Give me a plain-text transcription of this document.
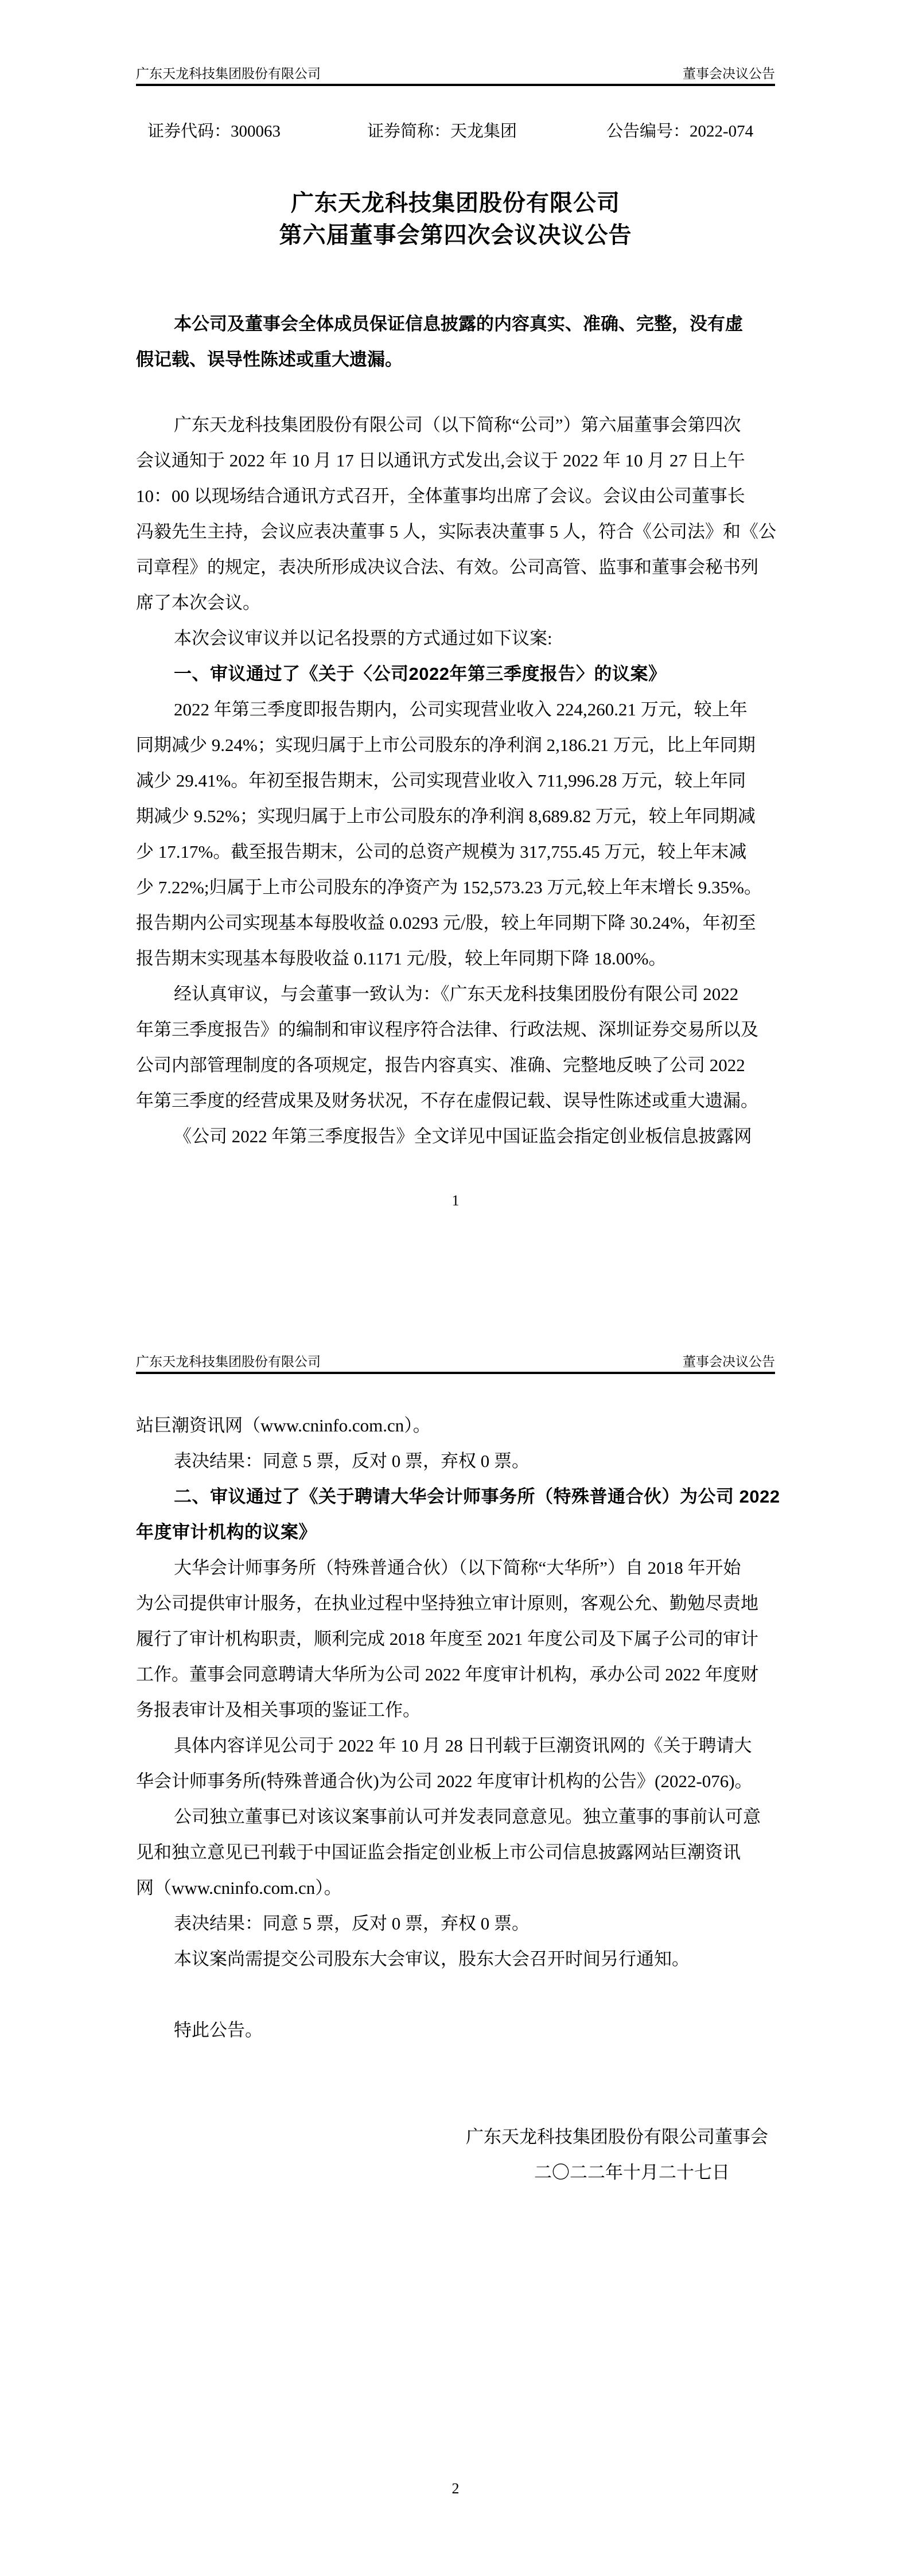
广东天龙科技集团股份有限公司	董事会决议公告
证券代码：300063	证券简称：天龙集团	公告编号：2022-074
广东天龙科技集团股份有限公司
第六届董事会第四次会议决议公告
本公司及董事会全体成员保证信息披露的内容真实、准确、完整，没有虚
假记载、误导性陈述或重大遗漏。
广东天龙科技集团股份有限公司（以下简称“公司”）第六届董事会第四次
会议通知于 2022 年 10 月 17 日以通讯方式发出,会议于 2022 年 10 月 27 日上午
10：00 以现场结合通讯方式召开，全体董事均出席了会议。会议由公司董事长
冯毅先生主持，会议应表决董事 5 人，实际表决董事 5 人，符合《公司法》和《公
司章程》的规定，表决所形成决议合法、有效。公司高管、监事和董事会秘书列
席了本次会议。
本次会议审议并以记名投票的方式通过如下议案:
一、审议通过了《关于〈公司2022年第三季度报告〉的议案》
2022 年第三季度即报告期内，公司实现营业收入 224,260.21 万元，较上年
同期减少 9.24%；实现归属于上市公司股东的净利润 2,186.21 万元，比上年同期
减少 29.41%。年初至报告期末，公司实现营业收入 711,996.28 万元，较上年同
期减少 9.52%；实现归属于上市公司股东的净利润 8,689.82 万元，较上年同期减
少 17.17%。截至报告期末，公司的总资产规模为 317,755.45 万元，较上年末减
少 7.22%;归属于上市公司股东的净资产为 152,573.23 万元,较上年末增长 9.35%。
报告期内公司实现基本每股收益 0.0293 元/股，较上年同期下降 30.24%，年初至
报告期末实现基本每股收益 0.1171 元/股，较上年同期下降 18.00%。
经认真审议，与会董事一致认为：《广东天龙科技集团股份有限公司 2022
年第三季度报告》的编制和审议程序符合法律、行政法规、深圳证券交易所以及
公司内部管理制度的各项规定，报告内容真实、准确、完整地反映了公司 2022
年第三季度的经营成果及财务状况，不存在虚假记载、误导性陈述或重大遗漏。
《公司 2022 年第三季度报告》全文详见中国证监会指定创业板信息披露网
1
广东天龙科技集团股份有限公司	董事会决议公告
站巨潮资讯网（www.cninfo.com.cn）。
表决结果：同意 5 票，反对 0 票，弃权 0 票。
二、审议通过了《关于聘请大华会计师事务所（特殊普通合伙）为公司 2022
年度审计机构的议案》
大华会计师事务所（特殊普通合伙）（以下简称“大华所”）自 2018 年开始
为公司提供审计服务，在执业过程中坚持独立审计原则，客观公允、勤勉尽责地
履行了审计机构职责，顺利完成 2018 年度至 2021 年度公司及下属子公司的审计
工作。董事会同意聘请大华所为公司 2022 年度审计机构，承办公司 2022 年度财
务报表审计及相关事项的鉴证工作。
具体内容详见公司于 2022 年 10 月 28 日刊载于巨潮资讯网的《关于聘请大
华会计师事务所(特殊普通合伙)为公司 2022 年度审计机构的公告》(2022-076)。
公司独立董事已对该议案事前认可并发表同意意见。独立董事的事前认可意
见和独立意见已刊载于中国证监会指定创业板上市公司信息披露网站巨潮资讯
网（www.cninfo.com.cn）。
表决结果：同意 5 票，反对 0 票，弃权 0 票。
本议案尚需提交公司股东大会审议，股东大会召开时间另行通知。
特此公告。
广东天龙科技集团股份有限公司董事会
二〇二二年十月二十七日
2
